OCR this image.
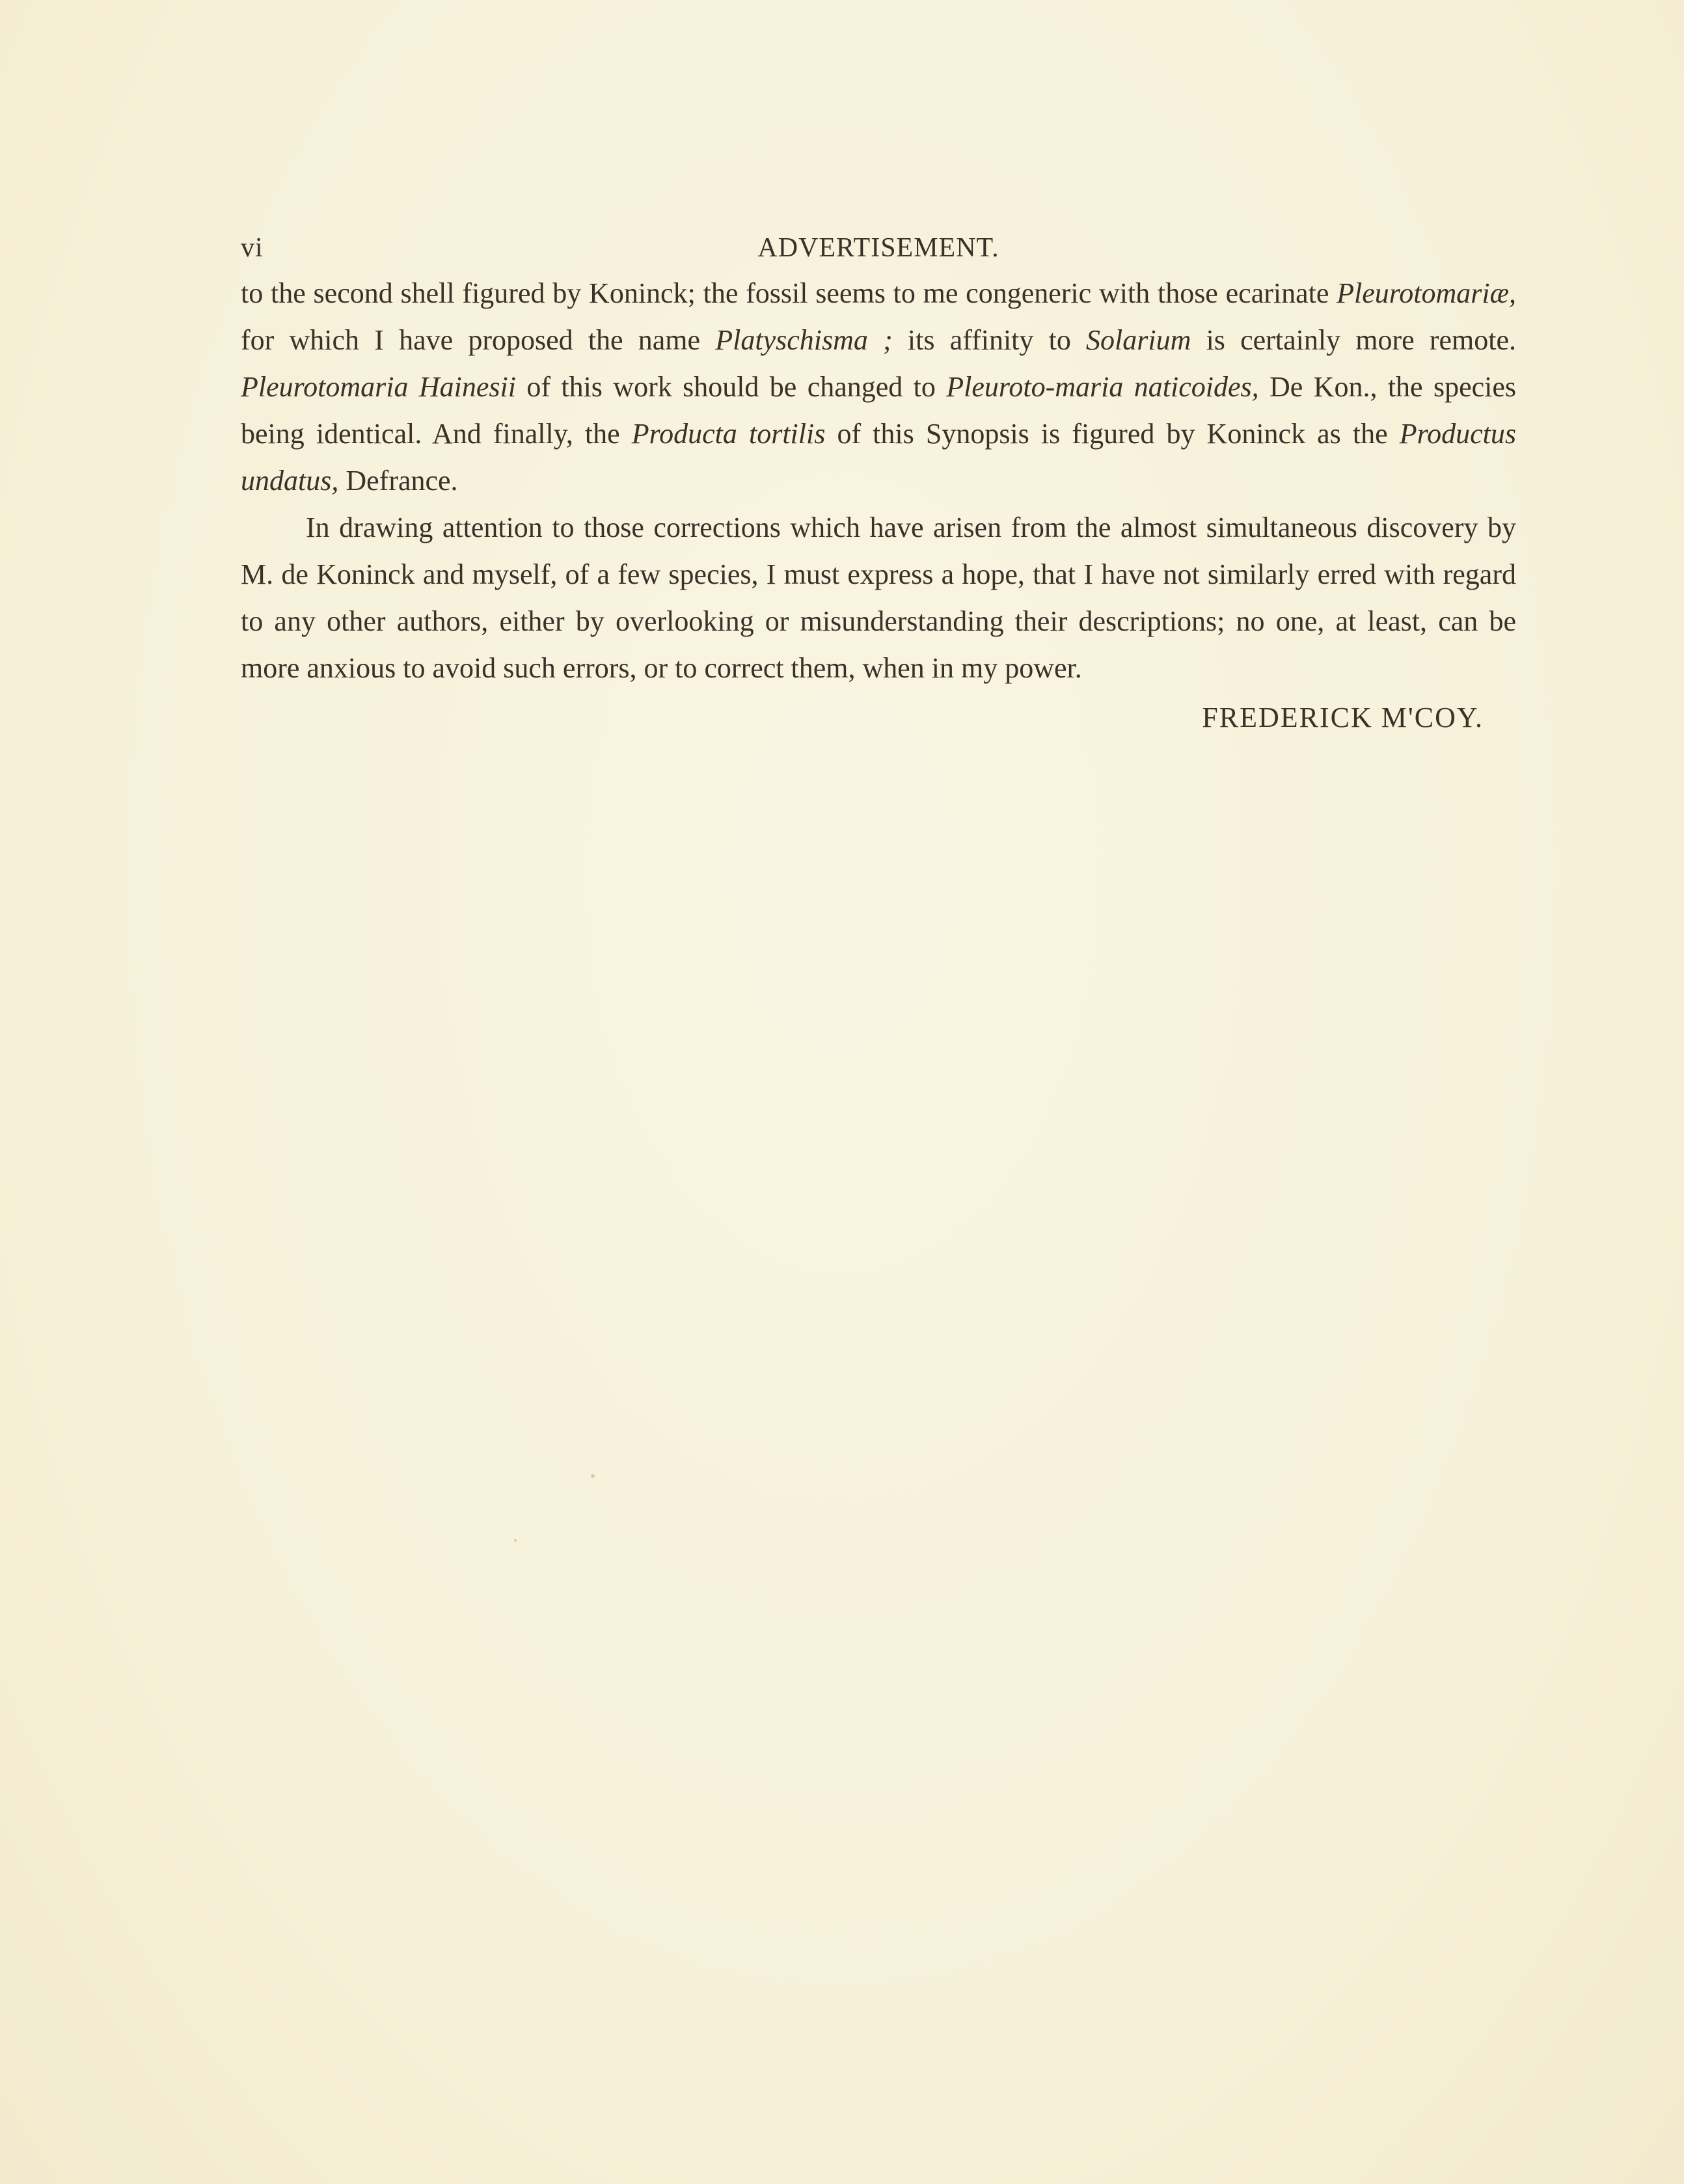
vi	ADVERTISEMENT.

to the second shell figured by Koninck; the fossil seems to me congeneric with those ecarinate Pleurotomariæ, for which I have proposed the name Platyschisma ; its affinity to Solarium is certainly more remote. Pleurotomaria Hainesii of this work should be changed to Pleuroto-maria naticoides, De Kon., the species being identical. And finally, the Producta tortilis of this Synopsis is figured by Koninck as the Productus undatus, Defrance.

In drawing attention to those corrections which have arisen from the almost simultaneous discovery by M. de Koninck and myself, of a few species, I must express a hope, that I have not similarly erred with regard to any other authors, either by overlooking or misunderstanding their descriptions; no one, at least, can be more anxious to avoid such errors, or to correct them, when in my power.

FREDERICK M'COY.
